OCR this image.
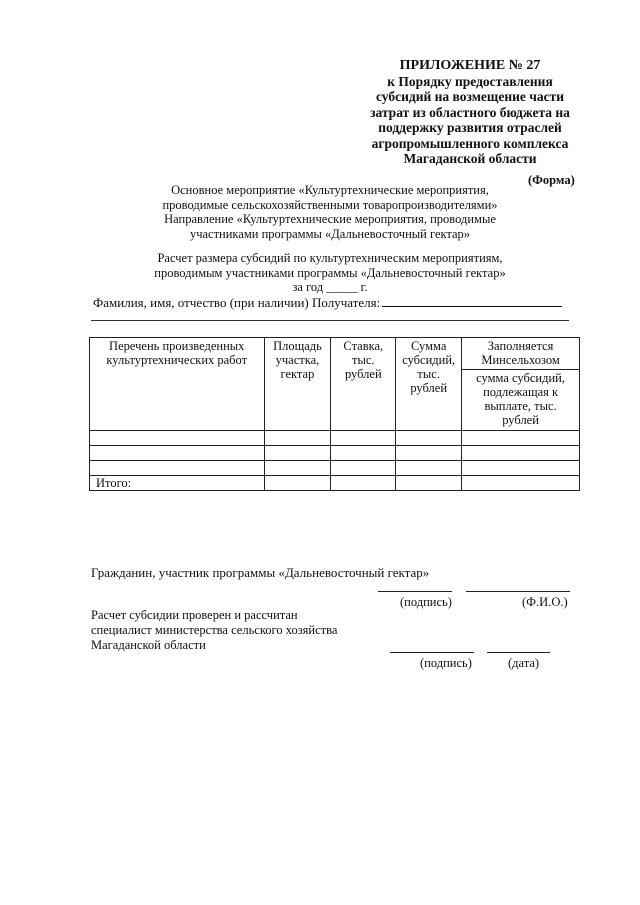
ПРИЛОЖЕНИЕ № 27
к Порядку предоставления
субсидий на возмещение части
затрат из областного бюджета на
поддержку развития отраслей
агропромышленного комплекса
Магаданской области
(Форма)
Основное мероприятие «Культуртехнические мероприятия,
проводимые сельскохозяйственными товаропроизводителями»
Направление «Культуртехнические мероприятия, проводимые
участниками программы «Дальневосточный гектар»
Расчет размера субсидий по культуртехническим мероприятиям,
проводимым участниками программы «Дальневосточный гектар»
за год _____ г.
Фамилия, имя, отчество (при наличии) Получателя:
Перечень произведенных культуртехнических работ	Площадь участка, гектар	Ставка, тыс. рублей	Сумма субсидий, тыс. рублей	Заполняется Минсельхозом
				сумма субсидий, подлежащая к выплате, тыс. рублей

Итого:				
Гражданин, участник программы «Дальневосточный гектар»
(подпись)	(Ф.И.О.)
Расчет субсидии проверен и рассчитан
специалист министерства сельского хозяйства
Магаданской области
(подпись)	(дата)
